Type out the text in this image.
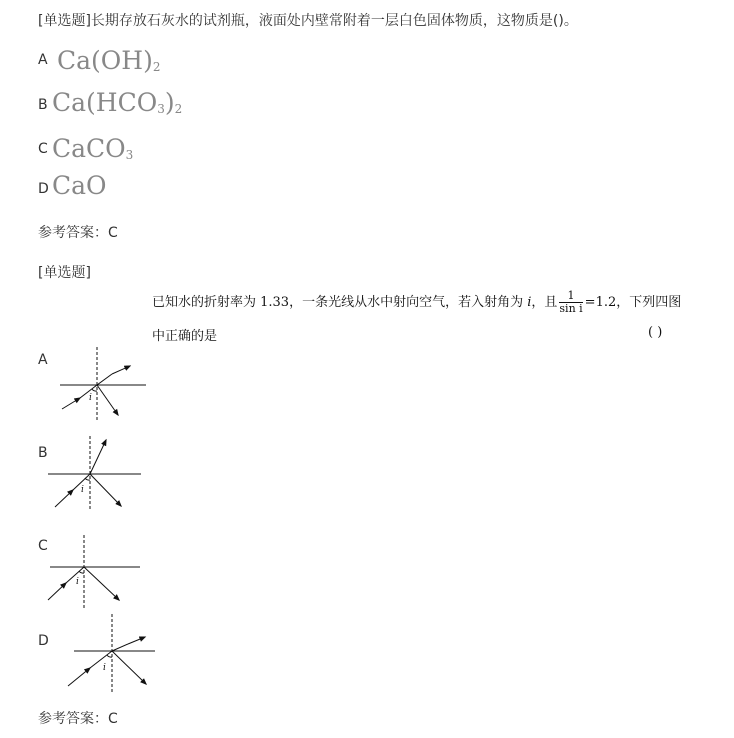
[单选题]长期存放石灰水的试剂瓶，液面处内壁常附着一层白色固体物质，这物质是()。
A $Ca(OH)_2$
B $Ca(HCO_3)_2$
C CaCO$_3$
D CaO
参考答案：C
[单选题]
已知水的折射率为 1.33，一条光线从水中射向空气，若入射角为 i，且 $\frac{1}{\text{sin i}} =1.2$，下列四图
中正确的是	( )
A
i
i
i
i
B
C
D
参考答案：C
